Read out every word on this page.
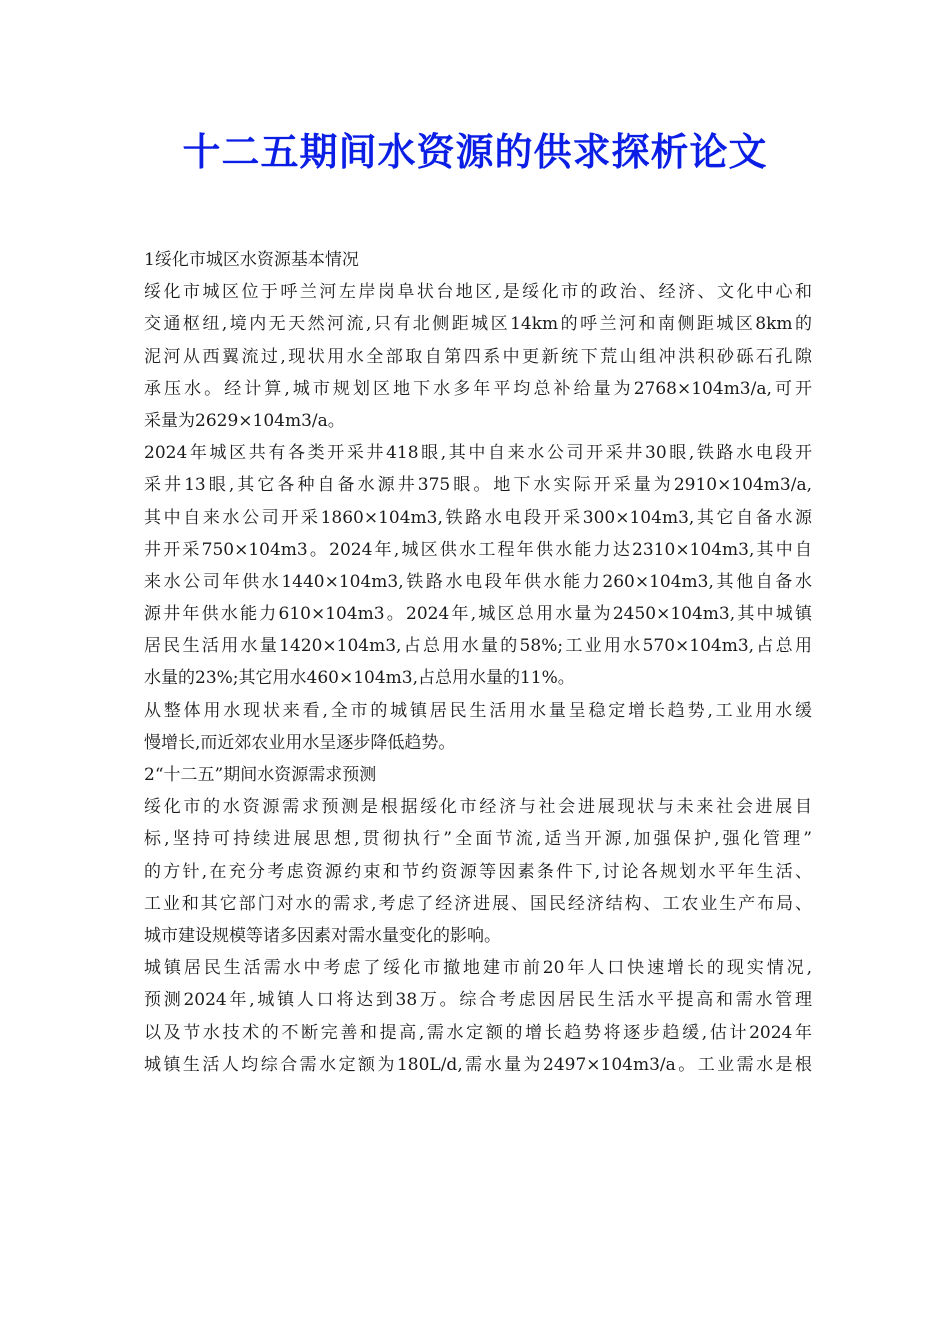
十二五期间水资源的供求探析论文
1绥化市城区水资源基本情况
绥化市城区位于呼兰河左岸岗阜状台地区,是绥化市的政治、经济、文化中心和
交通枢纽,境内无天然河流,只有北侧距城区14km的呼兰河和南侧距城区8km的
泥河从西翼流过,现状用水全部取自第四系中更新统下荒山组冲洪积砂砾石孔隙
承压水。经计算,城市规划区地下水多年平均总补给量为2768×104m3/a,可开
采量为2629×104m3/a。
2024年城区共有各类开采井418眼,其中自来水公司开采井30眼,铁路水电段开
采井13眼,其它各种自备水源井375眼。地下水实际开采量为2910×104m3/a,
其中自来水公司开采1860×104m3,铁路水电段开采300×104m3,其它自备水源
井开采750×104m3。2024年,城区供水工程年供水能力达2310×104m3,其中自
来水公司年供水1440×104m3,铁路水电段年供水能力260×104m3,其他自备水
源井年供水能力610×104m3。2024年,城区总用水量为2450×104m3,其中城镇
居民生活用水量1420×104m3,占总用水量的58%;工业用水570×104m3,占总用
水量的23%;其它用水460×104m3,占总用水量的11%。
从整体用水现状来看,全市的城镇居民生活用水量呈稳定增长趋势,工业用水缓
慢增长,而近郊农业用水呈逐步降低趋势。
2“十二五”期间水资源需求预测
绥化市的水资源需求预测是根据绥化市经济与社会进展现状与未来社会进展目
标,坚持可持续进展思想,贯彻执行”全面节流,适当开源,加强保护,强化管理”
的方针,在充分考虑资源约束和节约资源等因素条件下,讨论各规划水平年生活、
工业和其它部门对水的需求,考虑了经济进展、国民经济结构、工农业生产布局、
城市建设规模等诸多因素对需水量变化的影响。
城镇居民生活需水中考虑了绥化市撤地建市前20年人口快速增长的现实情况,
预测2024年,城镇人口将达到38万。综合考虑因居民生活水平提高和需水管理
以及节水技术的不断完善和提高,需水定额的增长趋势将逐步趋缓,估计2024年
城镇生活人均综合需水定额为180L/d,需水量为2497×104m3/a。工业需水是根
